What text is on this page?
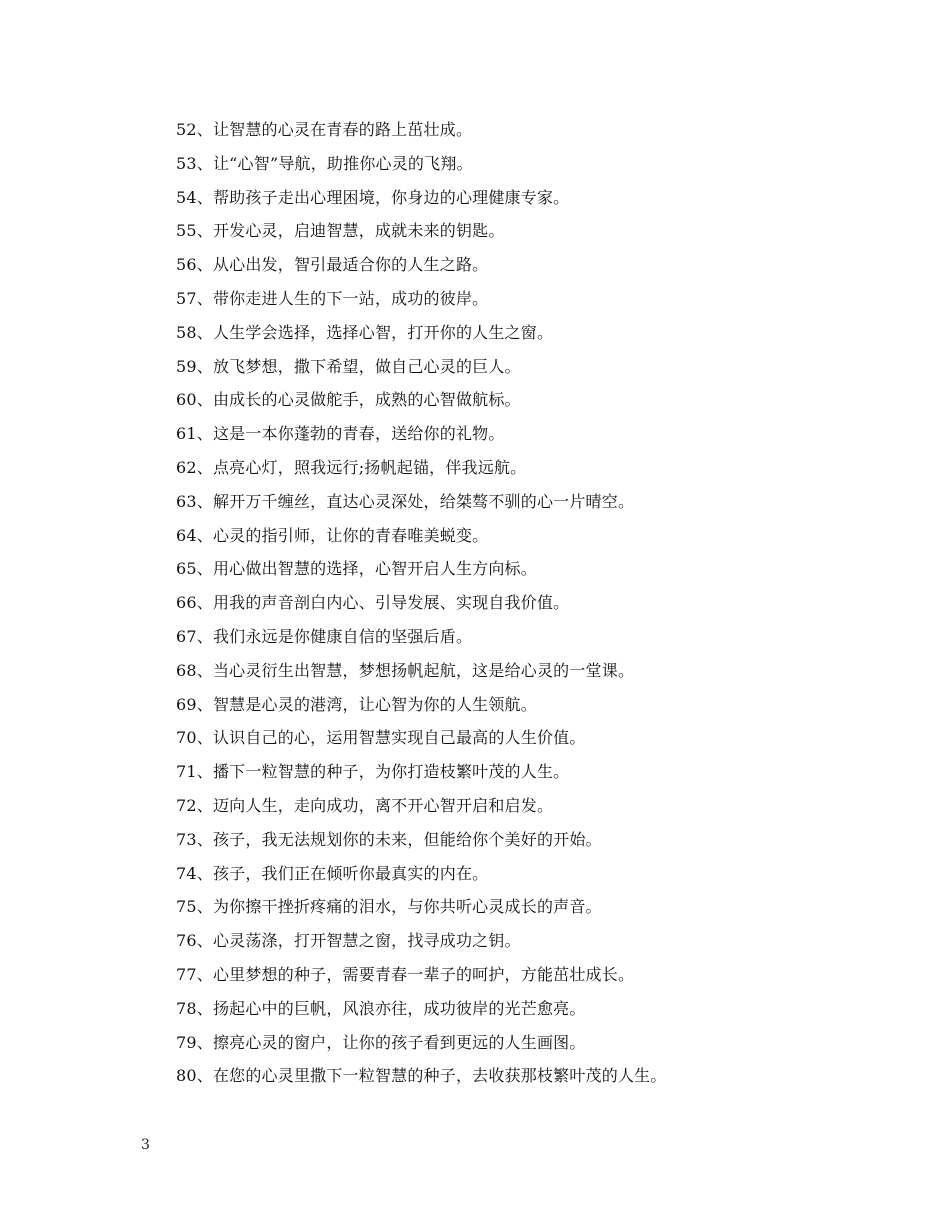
52、让智慧的心灵在青春的路上茁壮成。
53、让“心智”导航，助推你心灵的飞翔。
54、帮助孩子走出心理困境，你身边的心理健康专家。
55、开发心灵，启迪智慧，成就未来的钥匙。
56、从心出发，智引最适合你的人生之路。
57、带你走进人生的下一站，成功的彼岸。
58、人生学会选择，选择心智，打开你的人生之窗。
59、放飞梦想，撒下希望，做自己心灵的巨人。
60、由成长的心灵做舵手，成熟的心智做航标。
61、这是一本你蓬勃的青春，送给你的礼物。
62、点亮心灯，照我远行;扬帆起锚，伴我远航。
63、解开万千缠丝，直达心灵深处，给桀骜不驯的心一片晴空。
64、心灵的指引师，让你的青春唯美蜕变。
65、用心做出智慧的选择，心智开启人生方向标。
66、用我的声音剖白内心、引导发展、实现自我价值。
67、我们永远是你健康自信的坚强后盾。
68、当心灵衍生出智慧，梦想扬帆起航，这是给心灵的一堂课。
69、智慧是心灵的港湾，让心智为你的人生领航。
70、认识自己的心，运用智慧实现自己最高的人生价值。
71、播下一粒智慧的种子，为你打造枝繁叶茂的人生。
72、迈向人生，走向成功，离不开心智开启和启发。
73、孩子，我无法规划你的未来，但能给你个美好的开始。
74、孩子，我们正在倾听你最真实的内在。
75、为你擦干挫折疼痛的泪水，与你共听心灵成长的声音。
76、心灵荡涤，打开智慧之窗，找寻成功之钥。
77、心里梦想的种子，需要青春一辈子的呵护，方能茁壮成长。
78、扬起心中的巨帆，风浪亦往，成功彼岸的光芒愈亮。
79、擦亮心灵的窗户，让你的孩子看到更远的人生画图。
80、在您的心灵里撒下一粒智慧的种子，去收获那枝繁叶茂的人生。
3
